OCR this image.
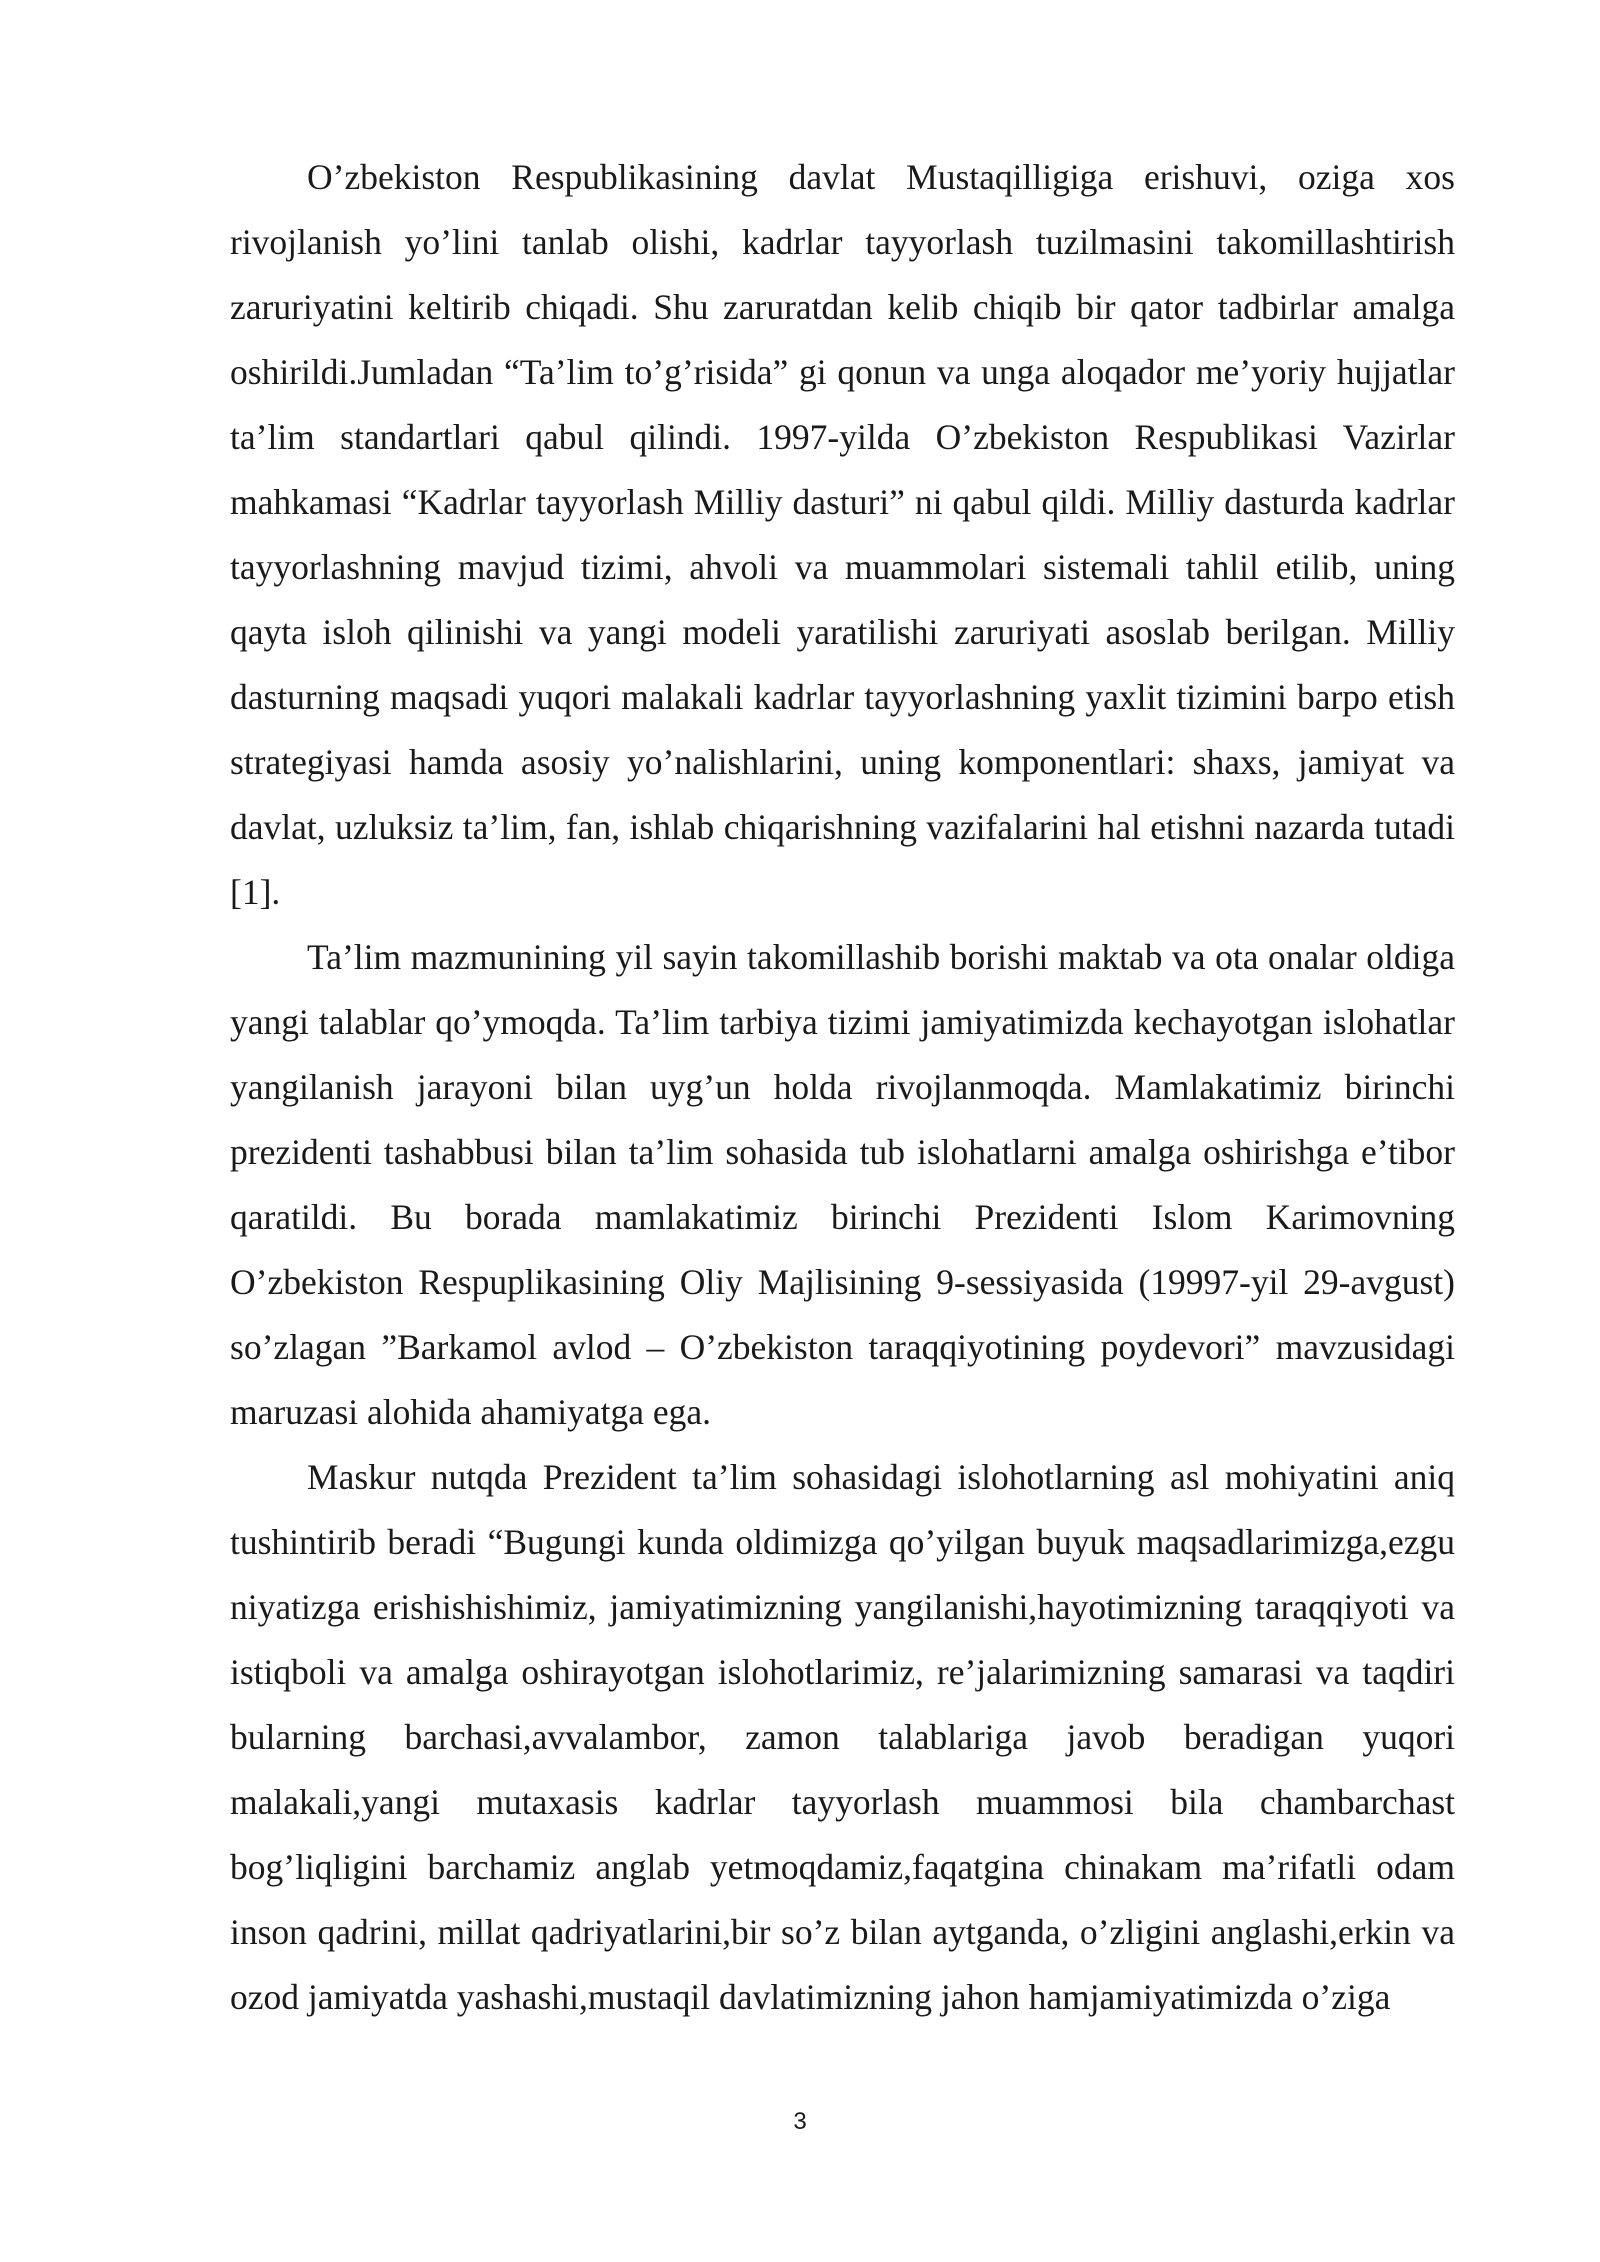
O’zbekiston Respublikasining davlat Mustaqilligiga erishuvi, oziga xos rivojlanish yo’lini tanlab olishi, kadrlar tayyorlash tuzilmasini takomillashtirish zaruriyatini keltirib chiqadi. Shu zaruratdan kelib chiqib bir qator tadbirlar amalga oshirildi.Jumladan “Ta’lim to’g’risida” gi qonun va unga aloqador me’yoriy hujjatlar ta’lim standartlari qabul qilindi. 1997-yilda O’zbekiston Respublikasi Vazirlar mahkamasi “Kadrlar tayyorlash Milliy dasturi” ni qabul qildi. Milliy dasturda kadrlar tayyorlashning mavjud tizimi, ahvoli va muammolari sistemali tahlil etilib, uning qayta isloh qilinishi va yangi modeli yaratilishi zaruriyati asoslab berilgan. Milliy dasturning maqsadi yuqori malakali kadrlar tayyorlashning yaxlit tizimini barpo etish strategiyasi hamda asosiy yo’nalishlarini, uning komponentlari: shaxs, jamiyat va davlat, uzluksiz ta’lim, fan, ishlab chiqarishning vazifalarini hal etishni nazarda tutadi [1].

Ta’lim mazmunining yil sayin takomillashib borishi maktab va ota onalar oldiga yangi talablar qo’ymoqda. Ta’lim tarbiya tizimi jamiyatimizda kechayotgan islohatlar yangilanish jarayoni bilan uyg’un holda rivojlanmoqda. Mamlakatimiz birinchi prezidenti tashabbusi bilan ta’lim sohasida tub islohatlarni amalga oshirishga e’tibor qaratildi. Bu borada mamlakatimiz birinchi Prezidenti Islom Karimovning O’zbekiston Respuplikasining Oliy Majlisining 9-sessiyasida (19997-yil 29-avgust) so’zlagan ”Barkamol avlod – O’zbekiston taraqqiyotining poydevori” mavzusidagi maruzasi alohida ahamiyatga ega.

Maskur nutqda Prezident ta’lim sohasidagi islohotlarning asl mohiyatini aniq tushintirib beradi “Bugungi kunda oldimizga qo’yilgan buyuk maqsadlarimizga,ezgu niyatizga erishishishimiz, jamiyatimizning yangilanishi,hayotimizning taraqqiyoti va istiqboli va amalga oshirayotgan islohotlarimiz, re’jalarimizning samarasi va taqdiri bularning barchasi,avvalambor, zamon talablariga javob beradigan yuqori malakali,yangi mutaxasis kadrlar tayyorlash muammosi bila chambarchast bog’liqligini barchamiz anglab yetmoqdamiz,faqatgina chinakam ma’rifatli odam inson qadrini, millat qadriyatlarini,bir so’z bilan aytganda, o’zligini anglashi,erkin va ozod jamiyatda yashashi,mustaqil davlatimizning jahon hamjamiyatimizda o’ziga

3
